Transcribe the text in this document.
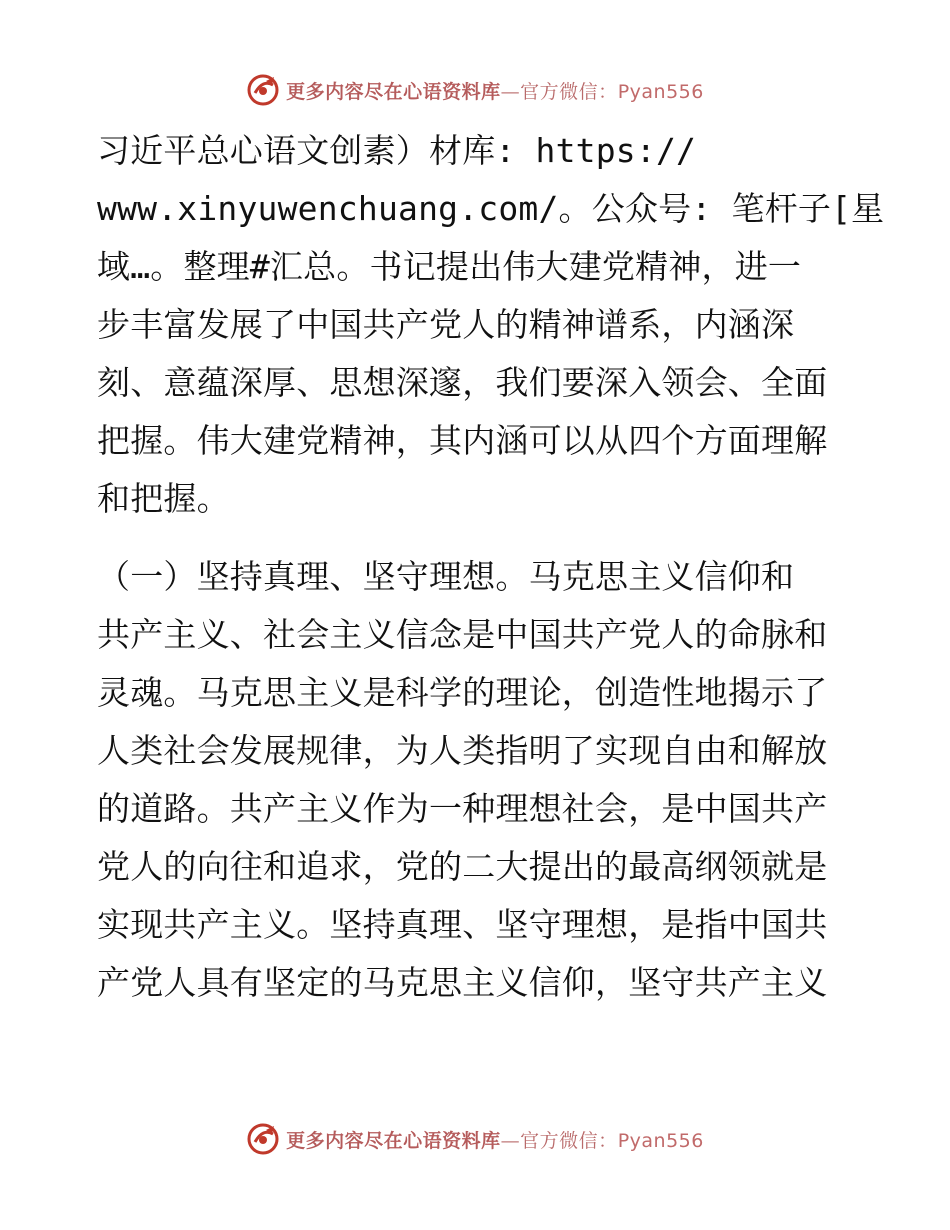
更多内容尽在心语资料库—官方微信：Pyan556
习近平总心语文创素）材库: https://
www.xinyuwenchuang.com/。公众号: 笔杆子[星
域…。整理#汇总。书记提出伟大建党精神，进一
步丰富发展了中国共产党人的精神谱系，内涵深
刻、意蕴深厚、思想深邃，我们要深入领会、全面
把握。伟大建党精神，其内涵可以从四个方面理解
和把握。
（一）坚持真理、坚守理想。马克思主义信仰和
共产主义、社会主义信念是中国共产党人的命脉和
灵魂。马克思主义是科学的理论，创造性地揭示了
人类社会发展规律，为人类指明了实现自由和解放
的道路。共产主义作为一种理想社会，是中国共产
党人的向往和追求，党的二大提出的最高纲领就是
实现共产主义。坚持真理、坚守理想，是指中国共
产党人具有坚定的马克思主义信仰，坚守共产主义
更多内容尽在心语资料库—官方微信：Pyan556
